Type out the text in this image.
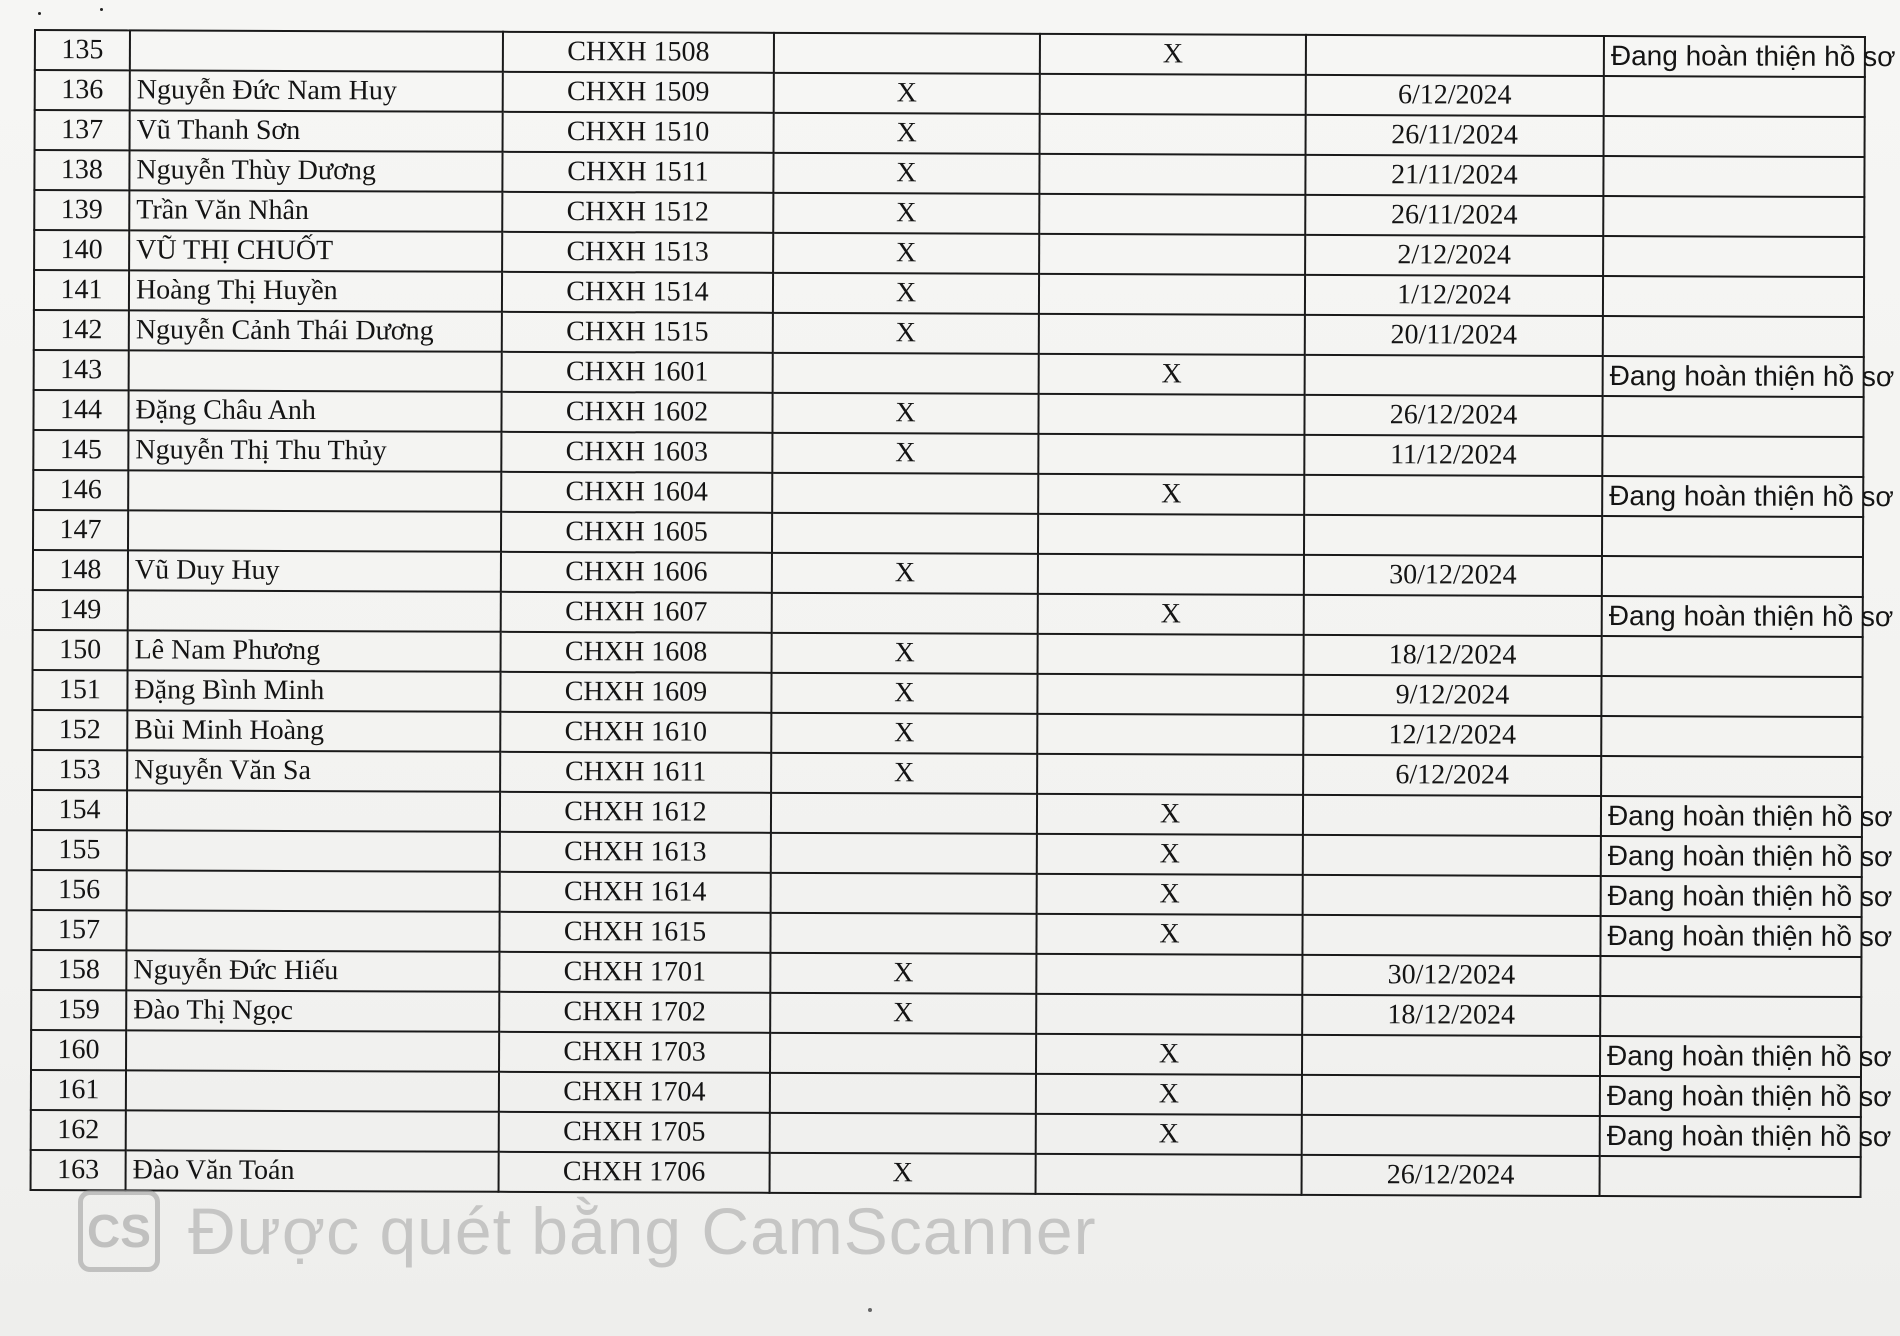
135		CHXH 1508		X		Đang hoàn thiện hồ sơ
136	Nguyễn Đức Nam Huy	CHXH 1509	X		6/12/2024	
137	Vũ Thanh Sơn	CHXH 1510	X		26/11/2024	
138	Nguyễn Thùy Dương	CHXH 1511	X		21/11/2024	
139	Trần Văn Nhân	CHXH 1512	X		26/11/2024	
140	VŨ THỊ CHUỐT	CHXH 1513	X		2/12/2024	
141	Hoàng Thị Huyền	CHXH 1514	X		1/12/2024	
142	Nguyễn Cảnh Thái Dương	CHXH 1515	X		20/11/2024	
143		CHXH 1601		X		Đang hoàn thiện hồ sơ
144	Đặng Châu Anh	CHXH 1602	X		26/12/2024	
145	Nguyễn Thị Thu Thủy	CHXH 1603	X		11/12/2024	
146		CHXH 1604		X		Đang hoàn thiện hồ sơ
147		CHXH 1605				
148	Vũ Duy Huy	CHXH 1606	X		30/12/2024	
149		CHXH 1607		X		Đang hoàn thiện hồ sơ
150	Lê Nam Phương	CHXH 1608	X		18/12/2024	
151	Đặng Bình Minh	CHXH 1609	X		9/12/2024	
152	Bùi Minh Hoàng	CHXH 1610	X		12/12/2024	
153	Nguyễn Văn Sa	CHXH 1611	X		6/12/2024	
154		CHXH 1612		X		Đang hoàn thiện hồ sơ
155		CHXH 1613		X		Đang hoàn thiện hồ sơ
156		CHXH 1614		X		Đang hoàn thiện hồ sơ
157		CHXH 1615		X		Đang hoàn thiện hồ sơ
158	Nguyễn Đức Hiếu	CHXH 1701	X		30/12/2024	
159	Đào Thị Ngọc	CHXH 1702	X		18/12/2024	
160		CHXH 1703		X		Đang hoàn thiện hồ sơ
161		CHXH 1704		X		Đang hoàn thiện hồ sơ
162		CHXH 1705		X		Đang hoàn thiện hồ sơ
163	Đào Văn Toán	CHXH 1706	X		26/12/2024	
CS Được quét bằng CamScanner
